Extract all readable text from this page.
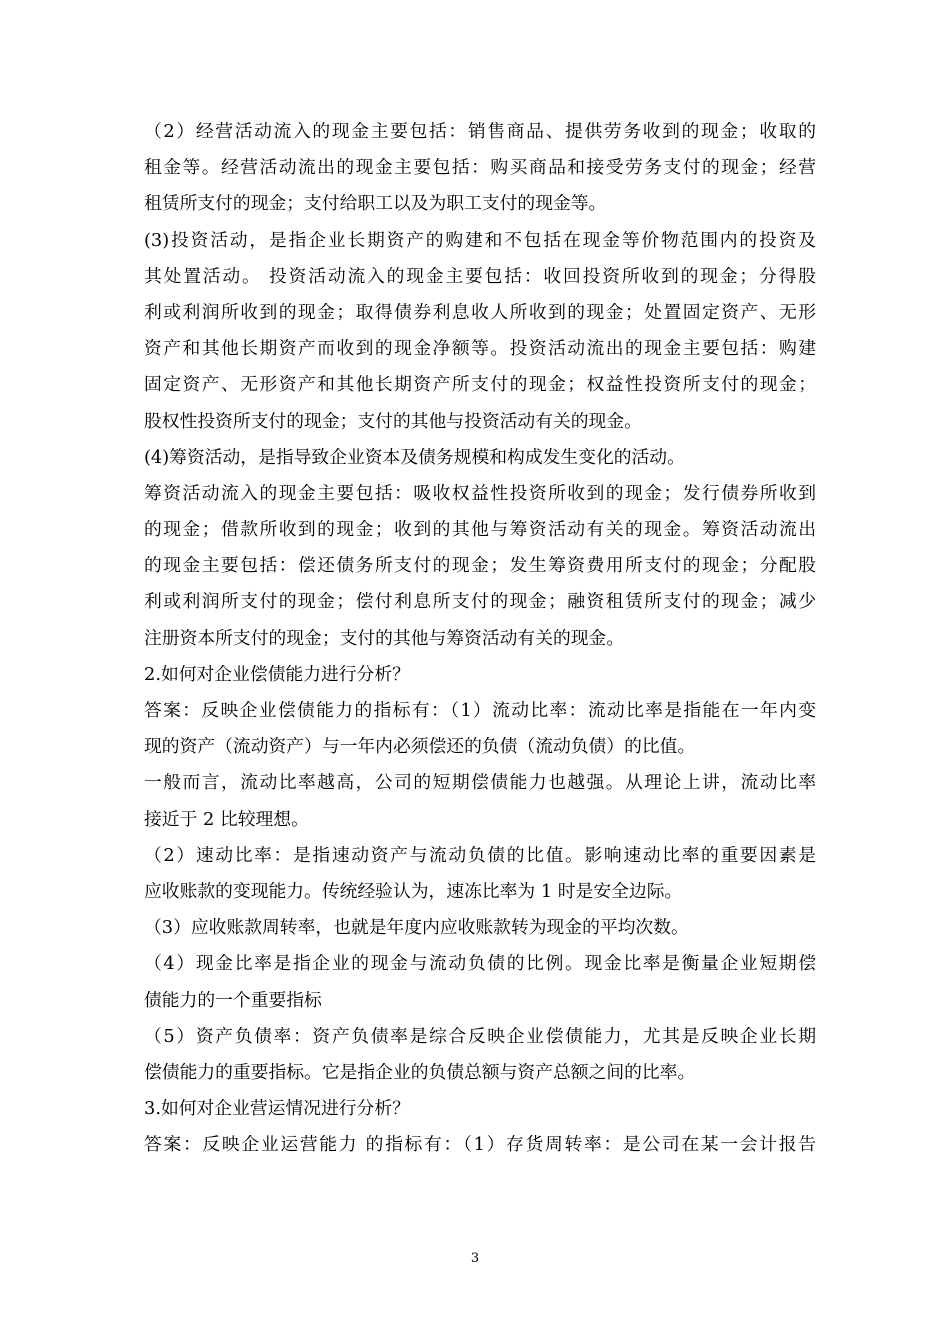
（2）经营活动流入的现金主要包括：销售商品、提供劳务收到的现金；收取的
租金等。经营活动流出的现金主要包括：购买商品和接受劳务支付的现金；经营
租赁所支付的现金；支付给职工以及为职工支付的现金等。
(3)投资活动，是指企业长期资产的购建和不包括在现金等价物范围内的投资及
其处置活动。 投资活动流入的现金主要包括：收回投资所收到的现金；分得股
利或利润所收到的现金；取得债券利息收人所收到的现金；处置固定资产、无形
资产和其他长期资产而收到的现金净额等。投资活动流出的现金主要包括：购建
固定资产、无形资产和其他长期资产所支付的现金；权益性投资所支付的现金；
股权性投资所支付的现金；支付的其他与投资活动有关的现金。
(4)筹资活动，是指导致企业资本及债务规模和构成发生变化的活动。
筹资活动流入的现金主要包括：吸收权益性投资所收到的现金；发行债券所收到
的现金；借款所收到的现金；收到的其他与筹资活动有关的现金。筹资活动流出
的现金主要包括：偿还债务所支付的现金；发生筹资费用所支付的现金；分配股
利或利润所支付的现金；偿付利息所支付的现金；融资租赁所支付的现金；减少
注册资本所支付的现金；支付的其他与筹资活动有关的现金。
2.如何对企业偿债能力进行分析？
答案：反映企业偿债能力的指标有：（1）流动比率：流动比率是指能在一年内变
现的资产（流动资产）与一年内必须偿还的负债（流动负债）的比值。
一般而言，流动比率越高，公司的短期偿债能力也越强。从理论上讲，流动比率
接近于 2 比较理想。
（2）速动比率：是指速动资产与流动负债的比值。影响速动比率的重要因素是
应收账款的变现能力。传统经验认为，速冻比率为 1 时是安全边际。
（3）应收账款周转率，也就是年度内应收账款转为现金的平均次数。
（4）现金比率是指企业的现金与流动负债的比例。现金比率是衡量企业短期偿
债能力的一个重要指标
（5）资产负债率：资产负债率是综合反映企业偿债能力，尤其是反映企业长期
偿债能力的重要指标。它是指企业的负债总额与资产总额之间的比率。
3.如何对企业营运情况进行分析？
答案：反映企业运营能力 的指标有：（1）存货周转率：是公司在某一会计报告
3
